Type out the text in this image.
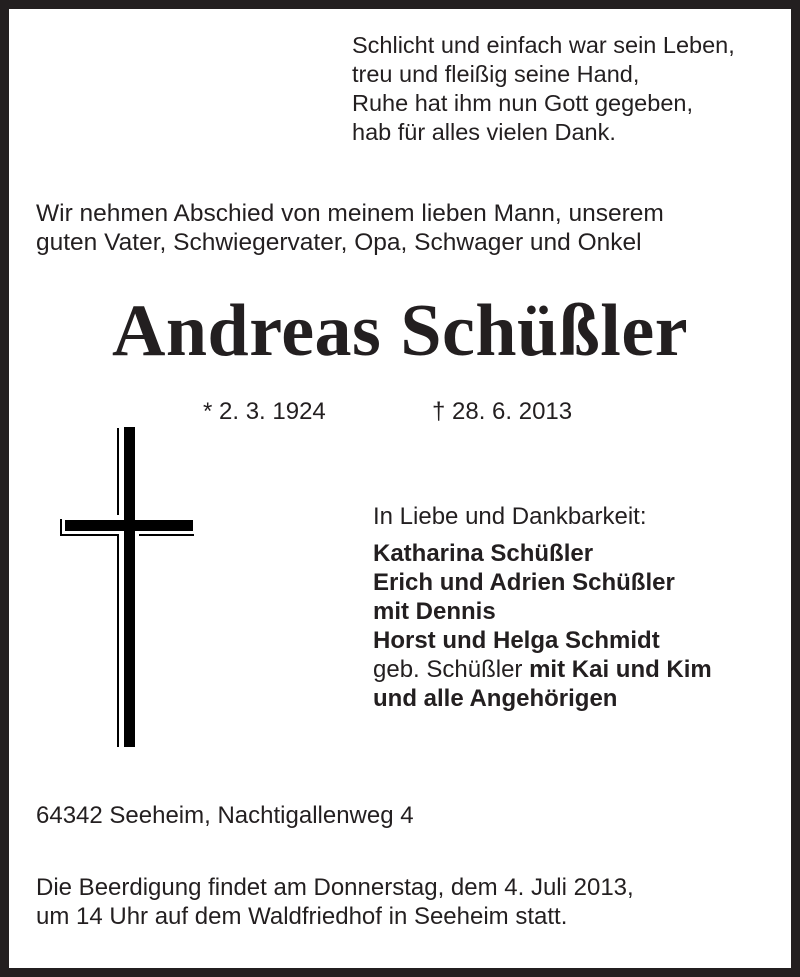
Schlicht und einfach war sein Leben,
treu und fleißig seine Hand,
Ruhe hat ihm nun Gott gegeben,
hab für alles vielen Dank.
Wir nehmen Abschied von meinem lieben Mann, unserem
guten Vater, Schwiegervater, Opa, Schwager und Onkel
Andreas Schüßler
* 2. 3. 1924	† 28. 6. 2013
In Liebe und Dankbarkeit:
Katharina Schüßler
Erich und Adrien Schüßler
mit Dennis
Horst und Helga Schmidt
geb. Schüßler mit Kai und Kim
und alle Angehörigen
64342 Seeheim, Nachtigallenweg 4
Die Beerdigung findet am Donnerstag, dem 4. Juli 2013,
um 14 Uhr auf dem Waldfriedhof in Seeheim statt.
